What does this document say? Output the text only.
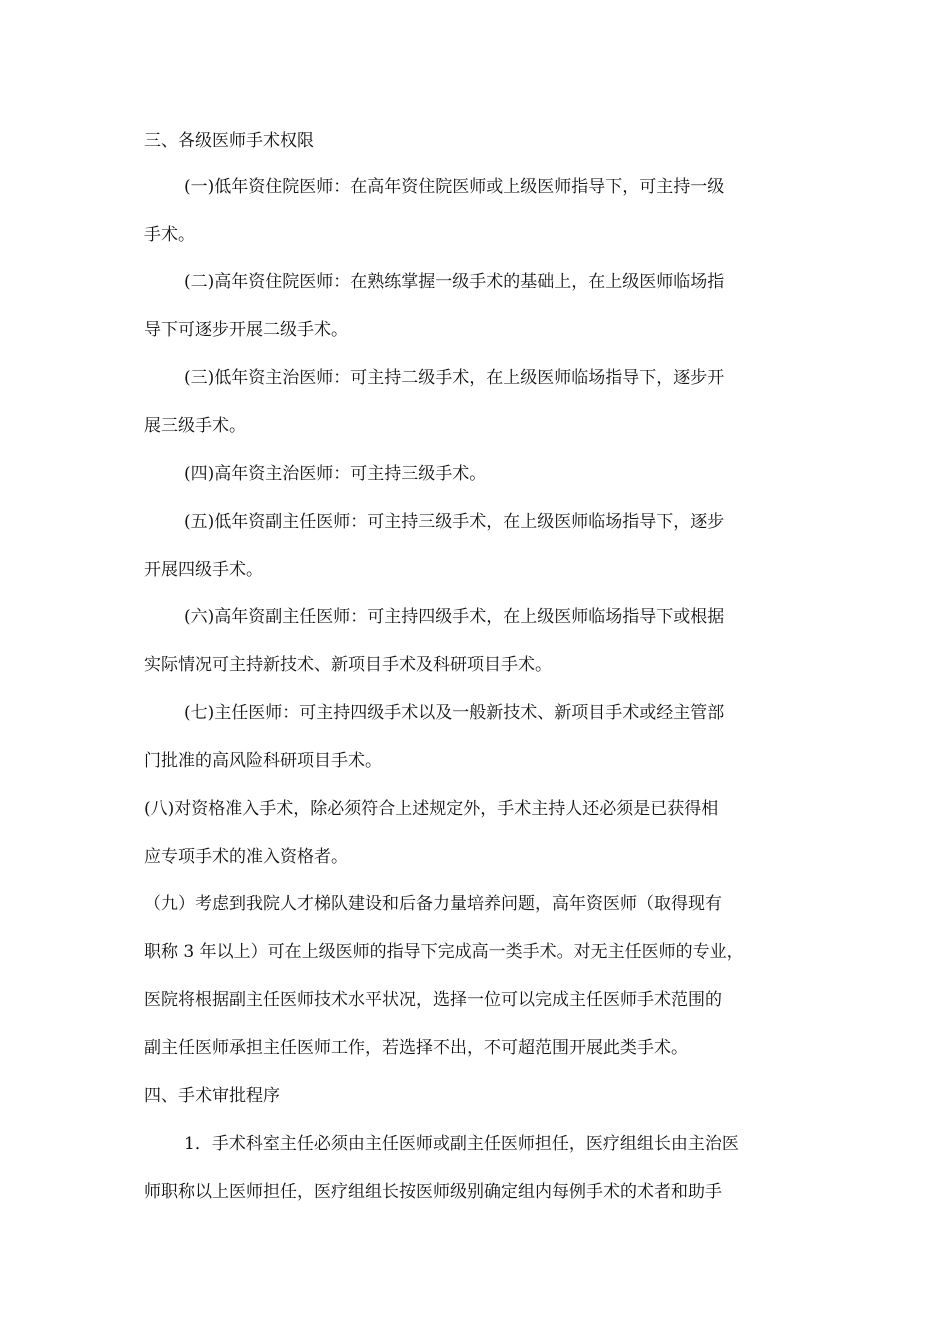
三、各级医师手术权限
(一)低年资住院医师：在高年资住院医师或上级医师指导下，可主持一级
手术。
(二)高年资住院医师：在熟练掌握一级手术的基础上，在上级医师临场指
导下可逐步开展二级手术。
(三)低年资主治医师：可主持二级手术，在上级医师临场指导下，逐步开
展三级手术。
(四)高年资主治医师：可主持三级手术。
(五)低年资副主任医师：可主持三级手术，在上级医师临场指导下，逐步
开展四级手术。
(六)高年资副主任医师：可主持四级手术，在上级医师临场指导下或根据
实际情况可主持新技术、新项目手术及科研项目手术。
(七)主任医师：可主持四级手术以及一般新技术、新项目手术或经主管部
门批准的高风险科研项目手术。
(八)对资格准入手术，除必须符合上述规定外，手术主持人还必须是已获得相
应专项手术的准入资格者。
（九）考虑到我院人才梯队建设和后备力量培养问题，高年资医师（取得现有
职称 3 年以上）可在上级医师的指导下完成高一类手术。对无主任医师的专业，
医院将根据副主任医师技术水平状况，选择一位可以完成主任医师手术范围的
副主任医师承担主任医师工作，若选择不出，不可超范围开展此类手术。
四、手术审批程序
1．手术科室主任必须由主任医师或副主任医师担任，医疗组组长由主治医
师职称以上医师担任，医疗组组长按医师级别确定组内每例手术的术者和助手
